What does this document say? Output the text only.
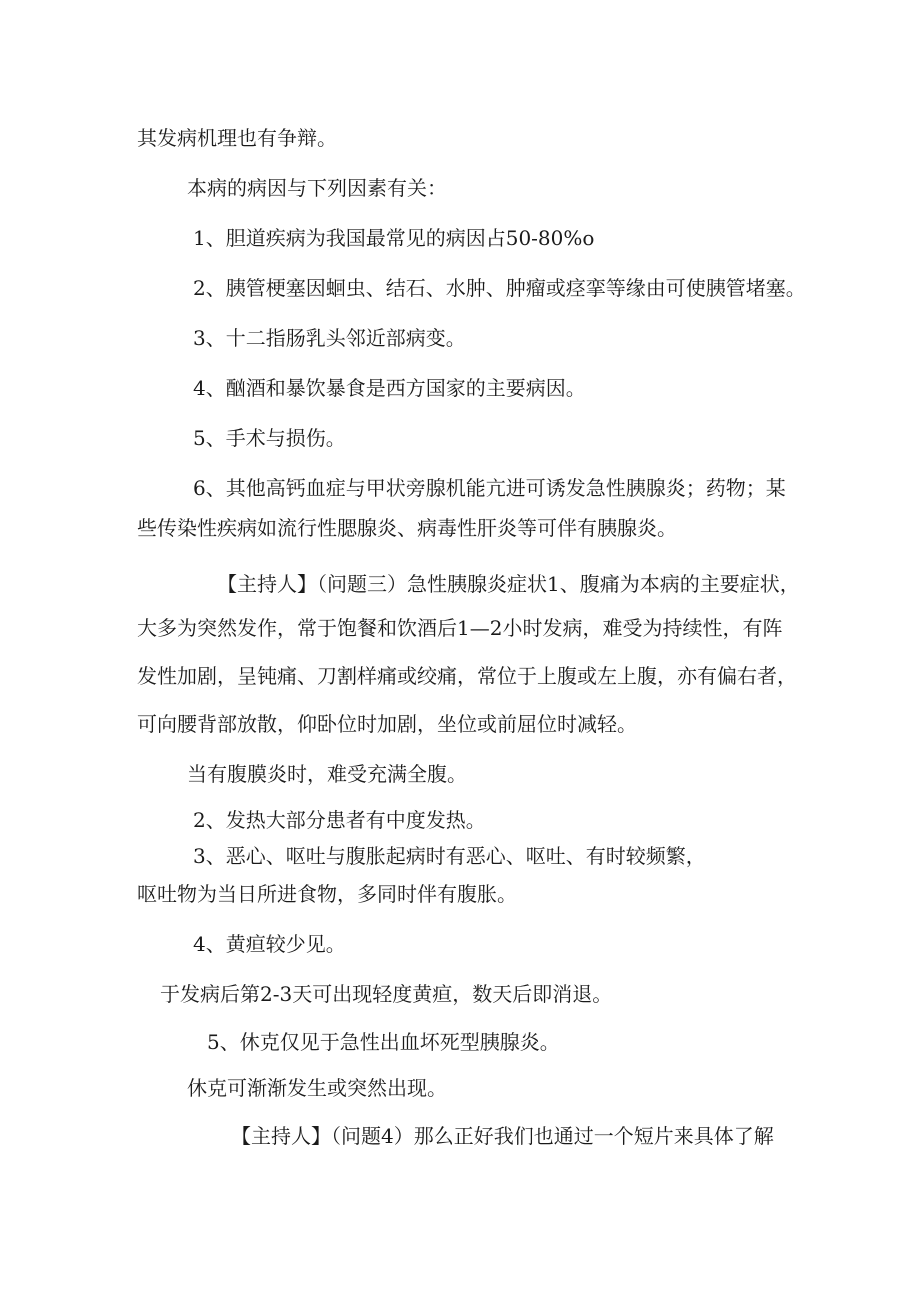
其发病机理也有争辩。

本病的病因与下列因素有关：

1、胆道疾病为我国最常见的病因占50-80%o

2、胰管梗塞因蛔虫、结石、水肿、肿瘤或痉挛等缘由可使胰管堵塞。

3、十二指肠乳头邻近部病变。

4、酗酒和暴饮暴食是西方国家的主要病因。

5、手术与损伤。

6、其他高钙血症与甲状旁腺机能亢进可诱发急性胰腺炎；药物；某

些传染性疾病如流行性腮腺炎、病毒性肝炎等可伴有胰腺炎。

【主持人】（问题三）急性胰腺炎症状1、腹痛为本病的主要症状，

大多为突然发作，常于饱餐和饮酒后1—2小时发病，难受为持续性，有阵

发性加剧，呈钝痛、刀割样痛或绞痛，常位于上腹或左上腹，亦有偏右者，

可向腰背部放散，仰卧位时加剧，坐位或前屈位时减轻。

当有腹膜炎时，难受充满全腹。

2、发热大部分患者有中度发热。

3、恶心、呕吐与腹胀起病时有恶心、呕吐、有时较频繁，

呕吐物为当日所进食物，多同时伴有腹胀。

4、黄疸较少见。

于发病后第2-3天可出现轻度黄疸，数天后即消退。

5、休克仅见于急性出血坏死型胰腺炎。

休克可渐渐发生或突然出现。

【主持人】（问题4）那么正好我们也通过一个短片来具体了解
